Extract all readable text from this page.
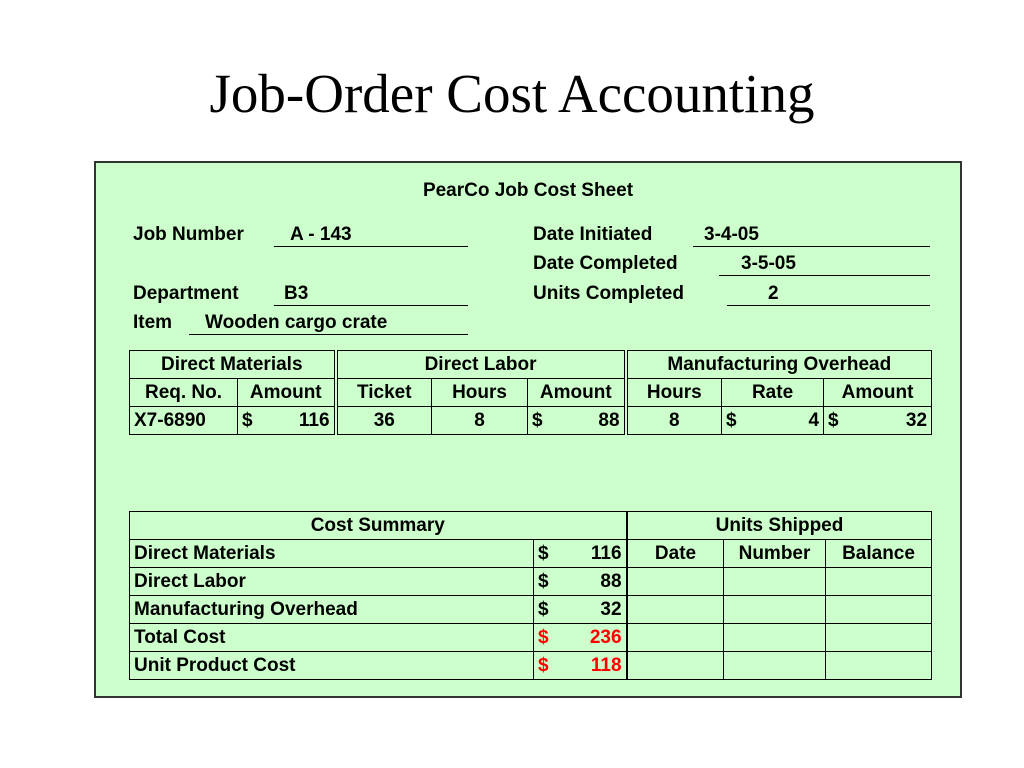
Job-Order Cost Accounting
PearCo Job Cost Sheet
Job Number A - 143
Department B3
Item Wooden cargo crate
Date Initiated	3-4-05
Date Completed	3-5-05
Units Completed	2
Direct Materials		Direct Labor			Manufacturing Overhead		
Req. No.	Amount	Ticket	Hours	Amount	Hours	Rate	Amount
X7-6890	$ 116	36	8	$ 88	8	$ 4	$ 32
Cost Summary	
Direct Materials	$ 116

Direct Labor	$ 88

Manufacturing Overhead	$ 32

Total Cost	$ 236

Unit Product Cost	$ 118
Units Shipped		
Date	Number	Balance
